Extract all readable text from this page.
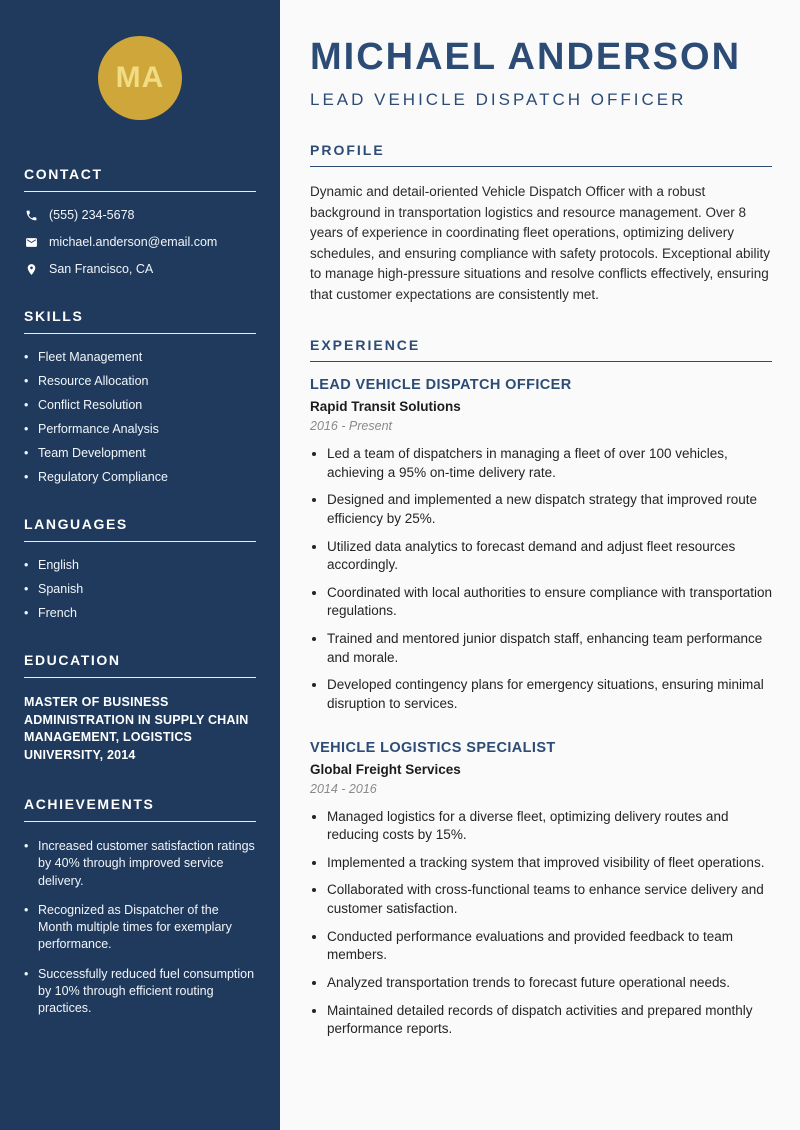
MA
CONTACT
(555) 234-5678
michael.anderson@email.com
San Francisco, CA
SKILLS
• Fleet Management
• Resource Allocation
• Conflict Resolution
• Performance Analysis
• Team Development
• Regulatory Compliance
LANGUAGES
• English
• Spanish
• French
EDUCATION
MASTER OF BUSINESS ADMINISTRATION IN SUPPLY CHAIN MANAGEMENT, LOGISTICS UNIVERSITY, 2014
ACHIEVEMENTS
• Increased customer satisfaction ratings by 40% through improved service delivery.
• Recognized as Dispatcher of the Month multiple times for exemplary performance.
• Successfully reduced fuel consumption by 10% through efficient routing practices.
MICHAEL ANDERSON
LEAD VEHICLE DISPATCH OFFICER
PROFILE

Dynamic and detail-oriented Vehicle Dispatch Officer with a robust background in transportation logistics and resource management. Over 8 years of experience in coordinating fleet operations, optimizing delivery schedules, and ensuring compliance with safety protocols. Exceptional ability to manage high-pressure situations and resolve conflicts effectively, ensuring that customer expectations are consistently met.

EXPERIENCE
LEAD VEHICLE DISPATCH OFFICER
Rapid Transit Solutions
2016 - Present
• Led a team of dispatchers in managing a fleet of over 100 vehicles, achieving a 95% on-time delivery rate.
• Designed and implemented a new dispatch strategy that improved route efficiency by 25%.
• Utilized data analytics to forecast demand and adjust fleet resources accordingly.
• Coordinated with local authorities to ensure compliance with transportation regulations.
• Trained and mentored junior dispatch staff, enhancing team performance and morale.
• Developed contingency plans for emergency situations, ensuring minimal disruption to services.
VEHICLE LOGISTICS SPECIALIST
Global Freight Services
2014 - 2016
• Managed logistics for a diverse fleet, optimizing delivery routes and reducing costs by 15%.
• Implemented a tracking system that improved visibility of fleet operations.
• Collaborated with cross-functional teams to enhance service delivery and customer satisfaction.
• Conducted performance evaluations and provided feedback to team members.
• Analyzed transportation trends to forecast future operational needs.
• Maintained detailed records of dispatch activities and prepared monthly performance reports.
